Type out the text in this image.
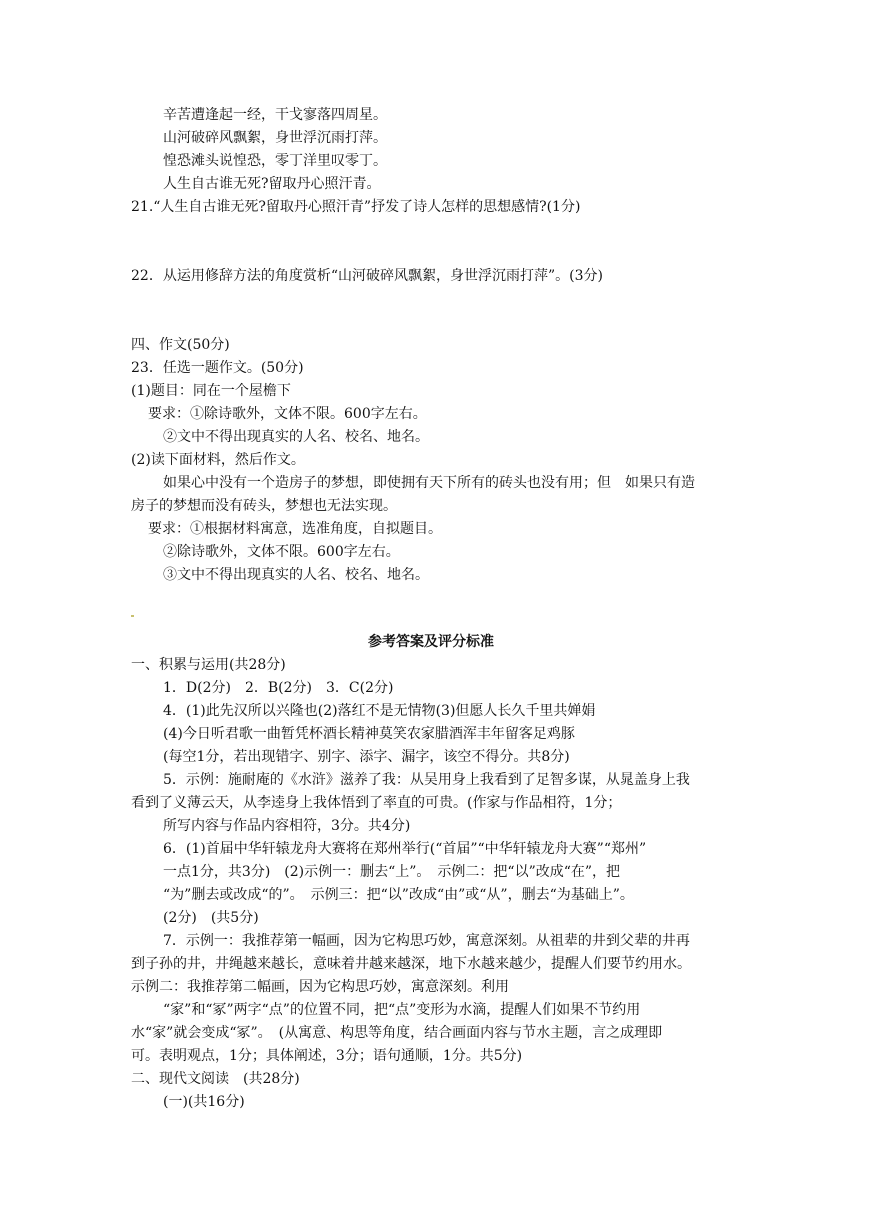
辛苦遭逢起一经，干戈寥落四周星。
山河破碎风飘絮，身世浮沉雨打萍。
惶恐滩头说惶恐，零丁洋里叹零丁。
人生自古谁无死?留取丹心照汗青。
21.“人生自古谁无死?留取丹心照汗青”抒发了诗人怎样的思想感情?(1分)
22．从运用修辞方法的角度赏析“山河破碎风飘絮，身世浮沉雨打萍”。(3分)
四、作文(50分)
23．任选一题作文。(50分)
(1)题目：同在一个屋檐下
要求：①除诗歌外，文体不限。600字左右。
②文中不得出现真实的人名、校名、地名。
(2)读下面材料，然后作文。
如果心中没有一个造房子的梦想，即使拥有天下所有的砖头也没有用；但　如果只有造
房子的梦想而没有砖头，梦想也无法实现。
要求：①根据材料寓意，选准角度，自拟题目。
②除诗歌外，文体不限。600字左右。
③文中不得出现真实的人名、校名、地名。
参考答案及评分标准
一、积累与运用(共28分)
1．D(2分)　2．B(2分)　3．C(2分)
4．(1)此先汉所以兴隆也(2)落红不是无情物(3)但愿人长久千里共婵娟
(4)今日听君歌一曲暂凭杯酒长精神莫笑农家腊酒浑丰年留客足鸡豚
(每空1分，若出现错字、别字、添字、漏字，该空不得分。共8分)
5．示例：施耐庵的《水浒》滋养了我：从吴用身上我看到了足智多谋，从晁盖身上我
看到了义薄云天，从李逵身上我体悟到了率直的可贵。(作家与作品相符，1分；
所写内容与作品内容相符，3分。共4分)
6．(1)首届中华轩辕龙舟大赛将在郑州举行(“首届”“中华轩辕龙舟大赛”“郑州”
一点1分，共3分)　(2)示例一：删去“上”。　示例二：把“以”改成“在”，把
“为”删去或改成“的”。　示例三：把“以”改成“由”或“从”，删去“为基础上”。
(2分)　(共5分)
7．示例一：我推荐第一幅画，因为它构思巧妙，寓意深刻。从祖辈的井到父辈的井再
到子孙的井，井绳越来越长，意味着井越来越深，地下水越来越少，提醒人们要节约用水。
示例二：我推荐第二幅画，因为它构思巧妙，寓意深刻。利用
“家”和“冢”两字“点”的位置不同，把“点”变形为水滴，提醒人们如果不节约用
水“家”就会变成“冢”。　(从寓意、构思等角度，结合画面内容与节水主题，言之成理即
可。表明观点，1分；具体阐述，3分；语句通顺，1分。共5分)
二、现代文阅读　(共28分)
(一)(共16分)
